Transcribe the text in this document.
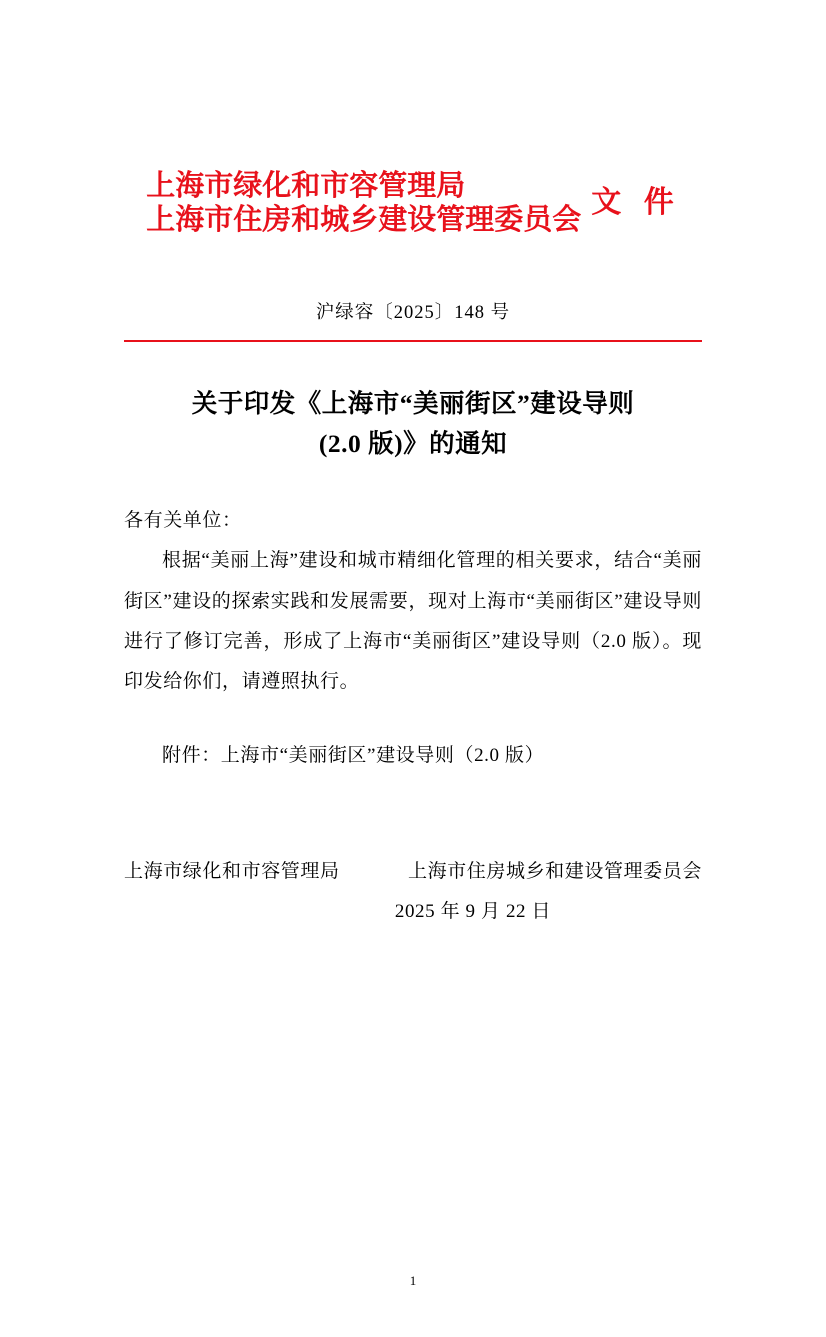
上海市绿化和市容管理局
上海市住房和城乡建设管理委员会 文 件
沪绿容〔2025〕148 号
关于印发《上海市“美丽街区”建设导则
(2.0 版)》的通知

各有关单位：

根据“美丽上海”建设和城市精细化管理的相关要求，结合“美丽街区”建设的探索实践和发展需要，现对上海市“美丽街区”建设导则进行了修订完善，形成了上海市“美丽街区”建设导则（2.0 版）。现印发给你们，请遵照执行。

附件：上海市“美丽街区”建设导则（2.0 版）

上海市绿化和市容管理局	上海市住房城乡和建设管理委员会
2025 年 9 月 22 日
1
